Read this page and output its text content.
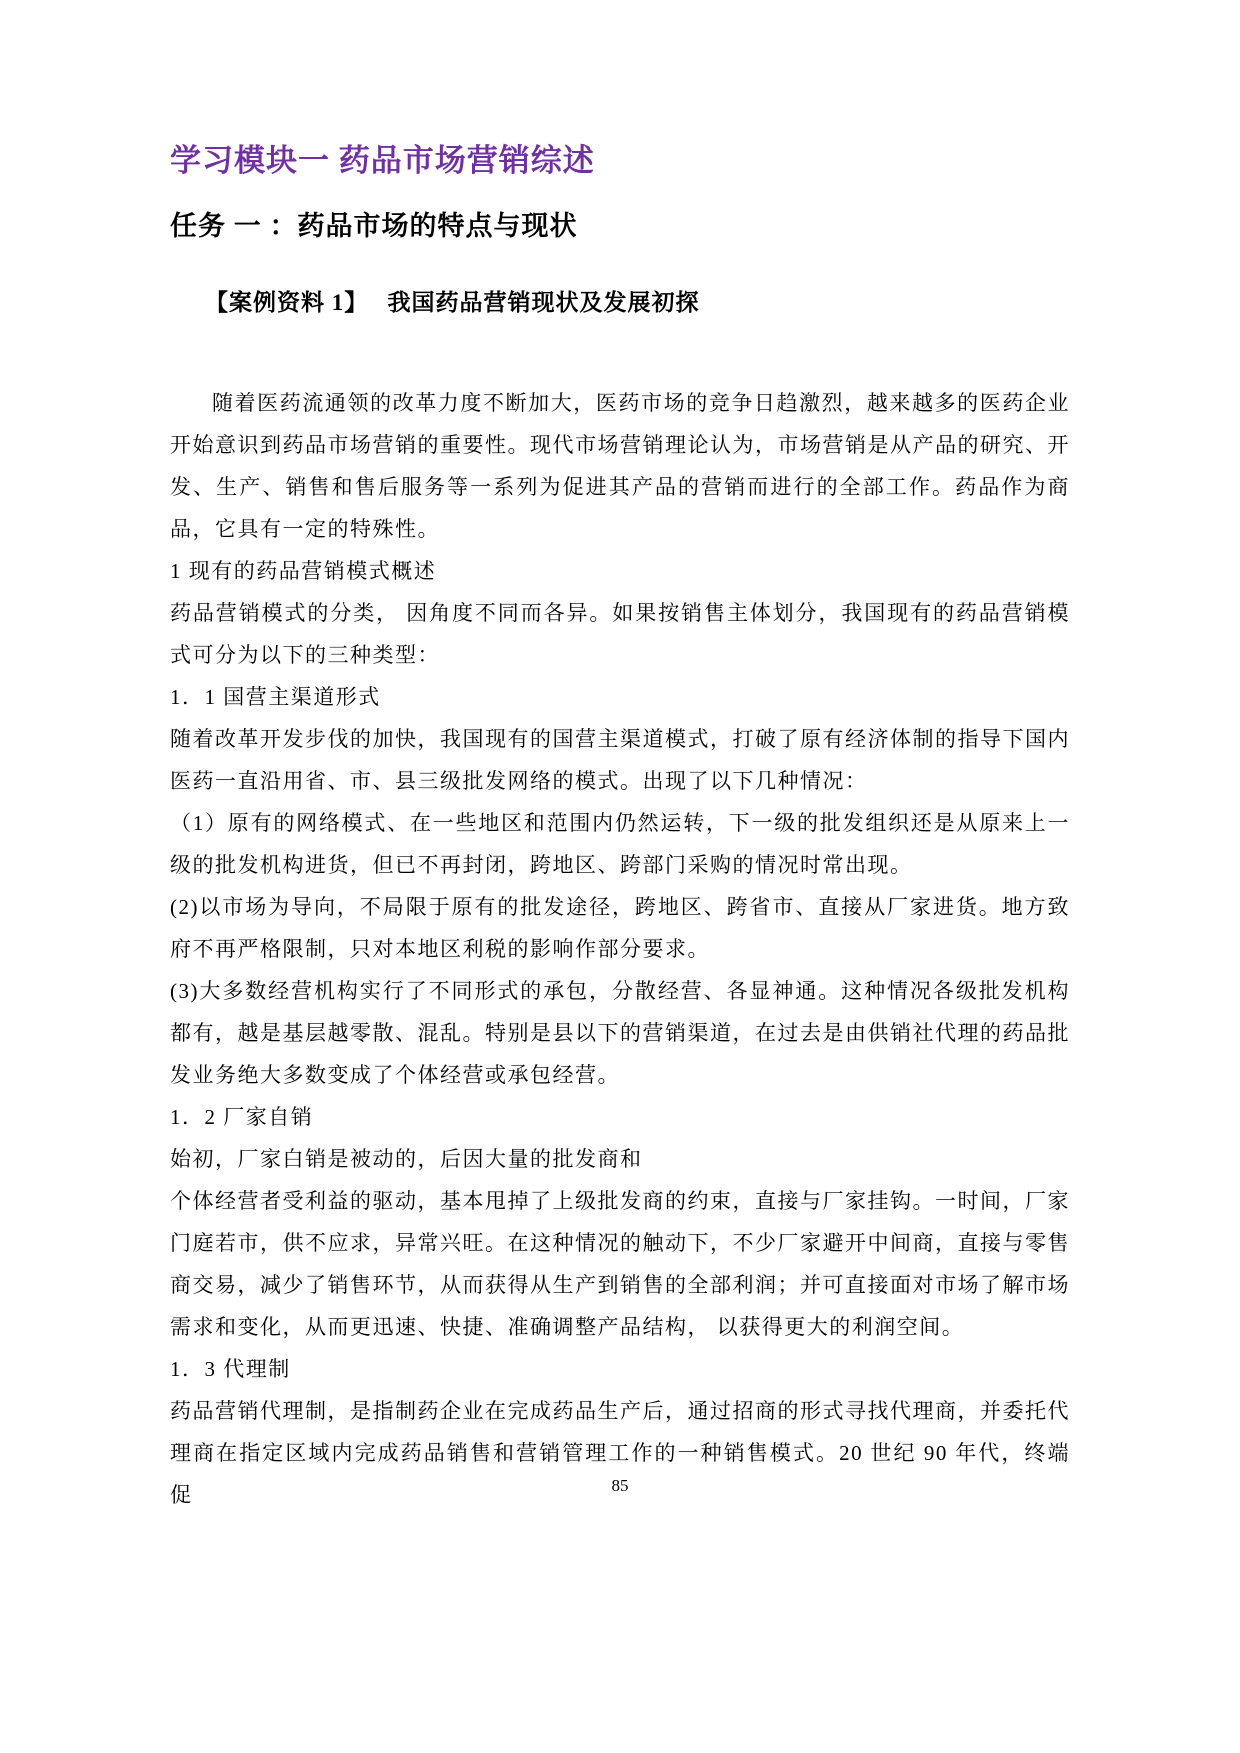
学习模块一 药品市场营销综述
任务 一 ：药品市场的特点与现状
【案例资料 1】　 我国药品营销现状及发展初探

随着医药流通领的改革力度不断加大，医药市场的竞争日趋激烈，越来越多的医药企业开始意识到药品市场营销的重要性。现代市场营销理论认为，市场营销是从产品的研究、开发、生产、销售和售后服务等一系列为促进其产品的营销而进行的全部工作。药品作为商品，它具有一定的特殊性。

1 现有的药品营销模式概述

药品营销模式的分类， 因角度不同而各异。如果按销售主体划分，我国现有的药品营销模式可分为以下的三种类型：

1．1 国营主渠道形式

随着改革开发步伐的加快，我国现有的国营主渠道模式，打破了原有经济体制的指导下国内医药一直沿用省、市、县三级批发网络的模式。出现了以下几种情况：

（1）原有的网络模式、在一些地区和范围内仍然运转，下一级的批发组织还是从原来上一级的批发机构进货，但已不再封闭，跨地区、跨部门采购的情况时常出现。

(2)以市场为导向，不局限于原有的批发途径，跨地区、跨省市、直接从厂家进货。地方致府不再严格限制，只对本地区利税的影响作部分要求。

(3)大多数经营机构实行了不同形式的承包，分散经营、各显神通。这种情况各级批发机构都有，越是基层越零散、混乱。特别是县以下的营销渠道，在过去是由供销社代理的药品批发业务绝大多数变成了个体经营或承包经营。

1．2 厂家自销

始初，厂家白销是被动的，后因大量的批发商和

个体经营者受利益的驱动，基本甩掉了上级批发商的约束，直接与厂家挂钩。一时间，厂家门庭若市，供不应求，异常兴旺。在这种情况的触动下，不少厂家避开中间商，直接与零售商交易，减少了销售环节，从而获得从生产到销售的全部利润；并可直接面对市场了解市场需求和变化，从而更迅速、快捷、准确调整产品结构， 以获得更大的利润空间。

1．3 代理制

药品营销代理制，是指制药企业在完成药品生产后，通过招商的形式寻找代理商，并委托代理商在指定区域内完成药品销售和营销管理工作的一种销售模式。20 世纪 90 年代，终端促	85
